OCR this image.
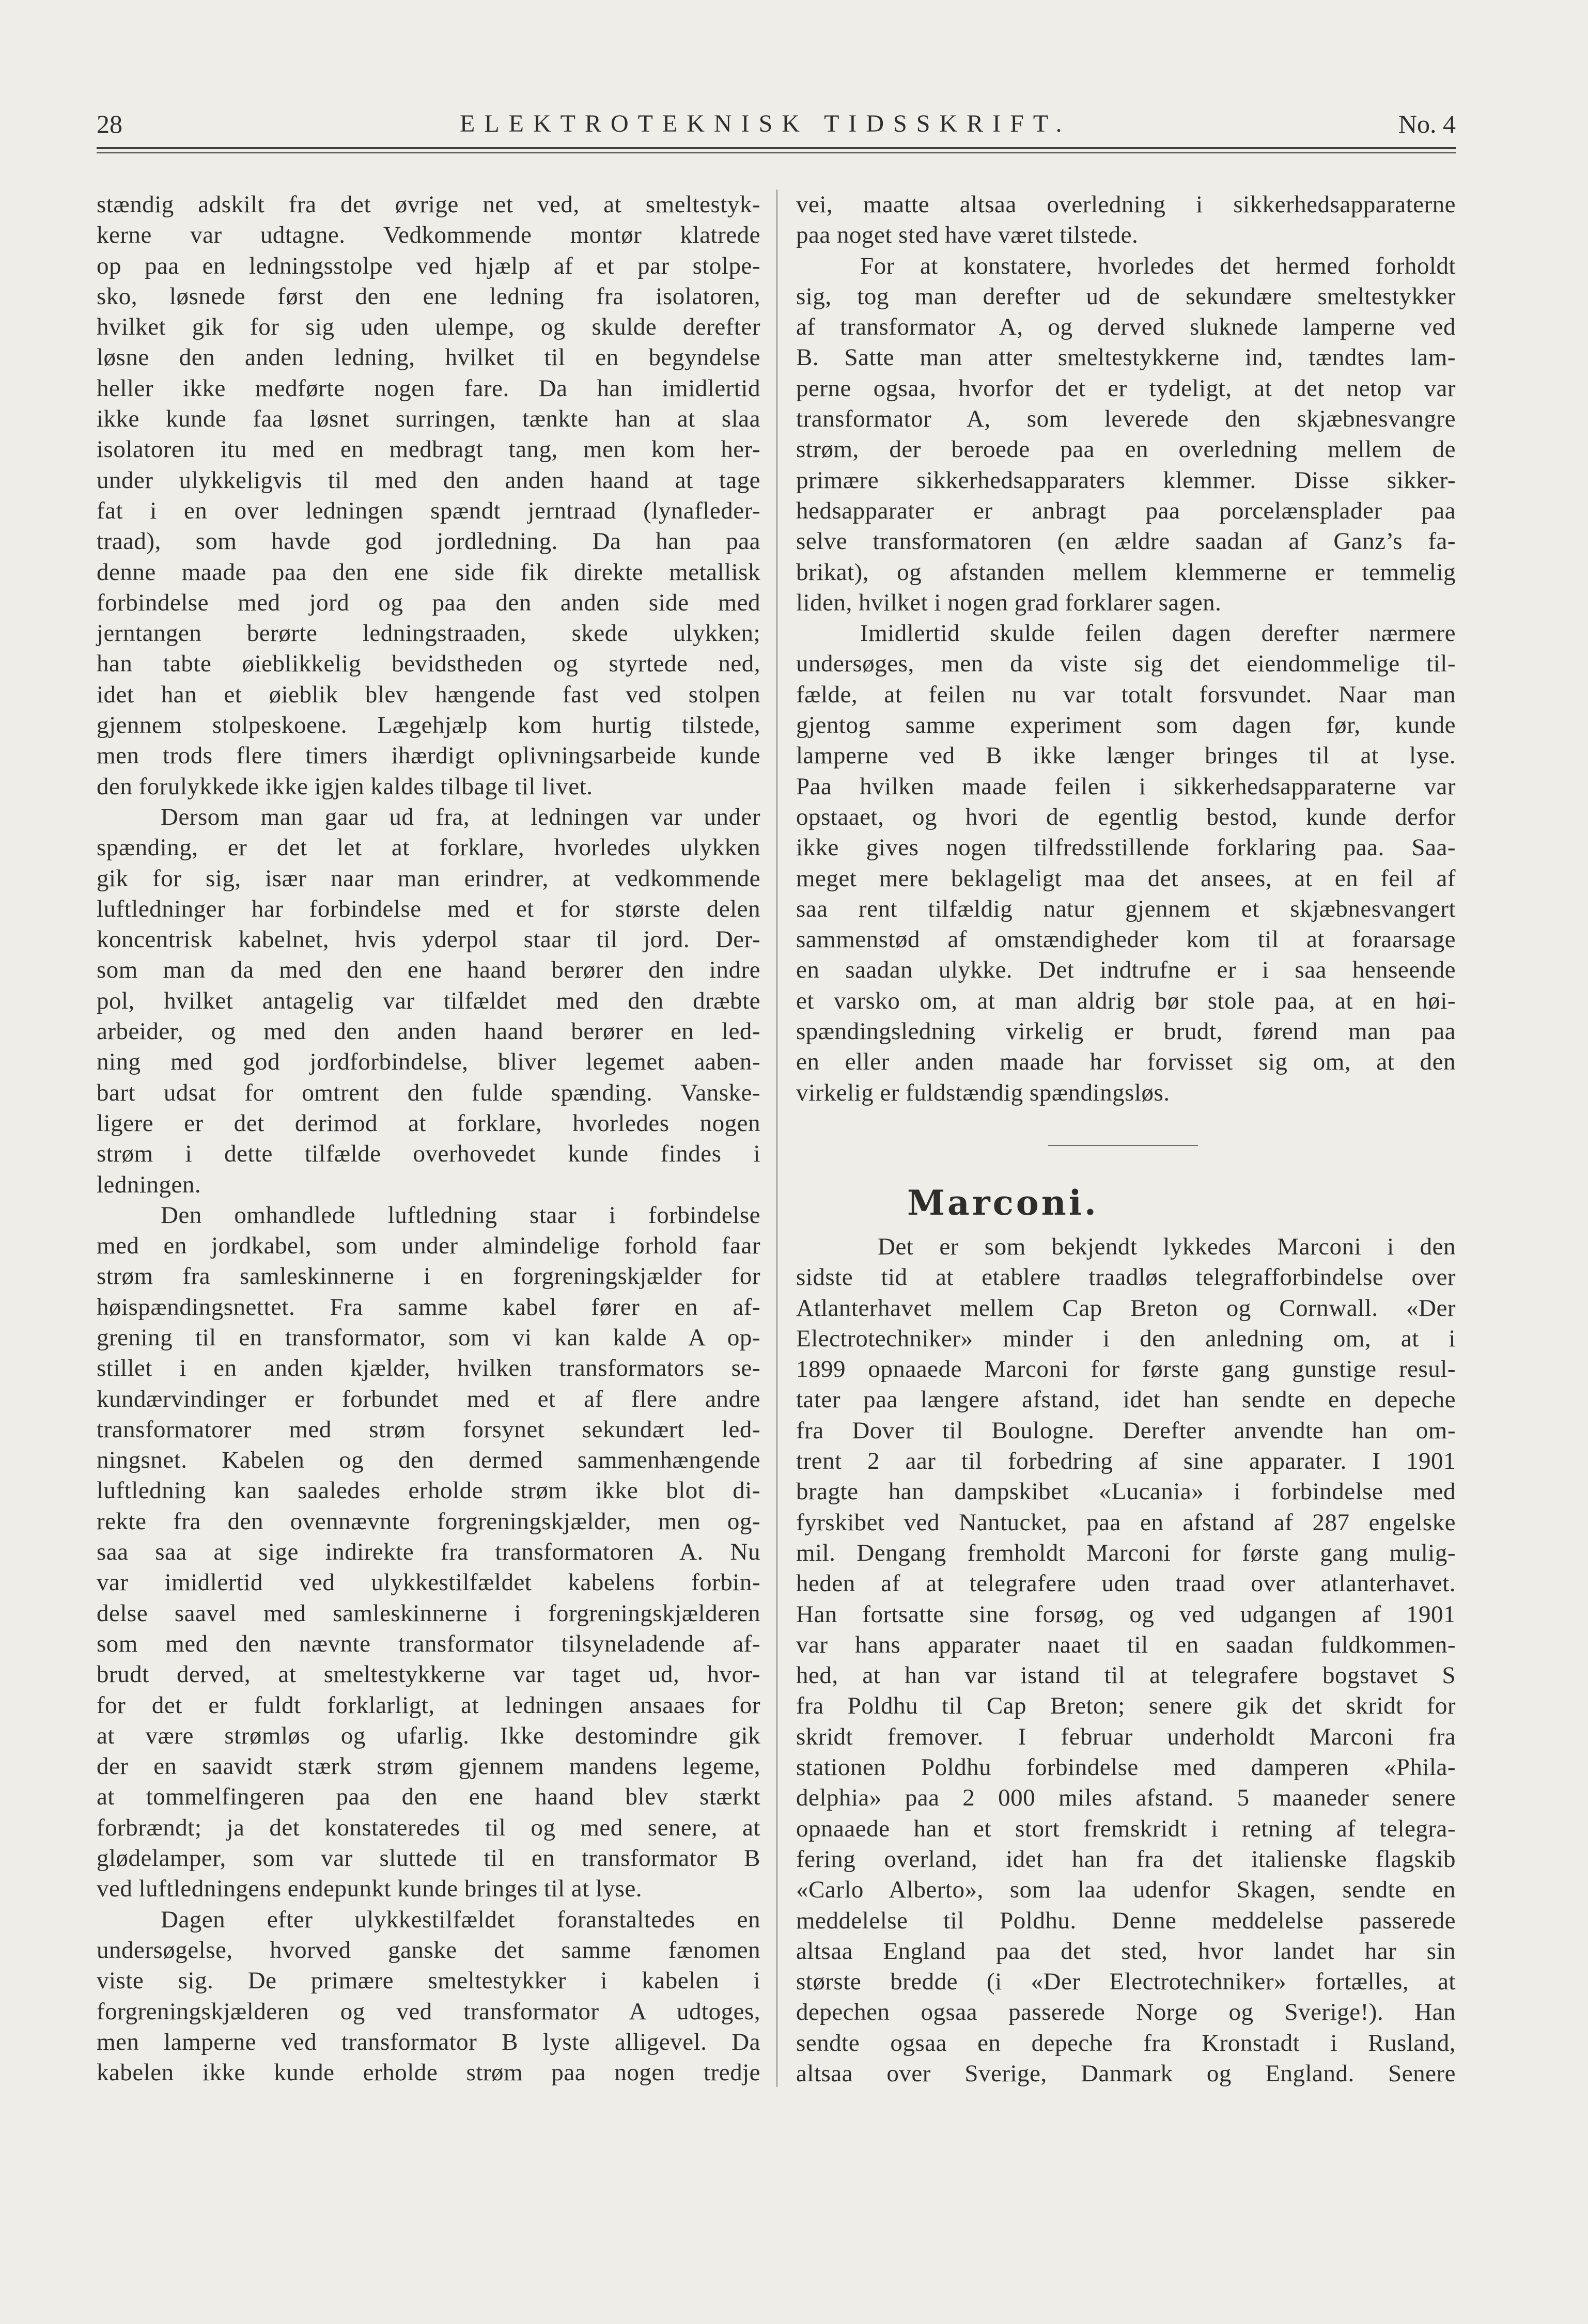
28	ELEKTROTEKNISK TIDSSKRIFT.	No. 4
stændig adskilt fra det øvrige net ved, at smeltestyk-
kerne var udtagne. Vedkommende montør klatrede
op paa en ledningsstolpe ved hjælp af et par stolpe-
sko, løsnede først den ene ledning fra isolatoren,
hvilket gik for sig uden ulempe, og skulde derefter
løsne den anden ledning, hvilket til en begyndelse
heller ikke medførte nogen fare. Da han imidlertid
ikke kunde faa løsnet surringen, tænkte han at slaa
isolatoren itu med en medbragt tang, men kom her-
under ulykkeligvis til med den anden haand at tage
fat i en over ledningen spændt jerntraad (lynafleder-
traad), som havde god jordledning. Da han paa
denne maade paa den ene side fik direkte metallisk
forbindelse med jord og paa den anden side med
jerntangen berørte ledningstraaden, skede ulykken;
han tabte øieblikkelig bevidstheden og styrtede ned,
idet han et øieblik blev hængende fast ved stolpen
gjennem stolpeskoene. Lægehjælp kom hurtig tilstede,
men trods flere timers ihærdigt oplivningsarbeide kunde
den forulykkede ikke igjen kaldes tilbage til livet.
Dersom man gaar ud fra, at ledningen var under
spænding, er det let at forklare, hvorledes ulykken
gik for sig, især naar man erindrer, at vedkommende
luftledninger har forbindelse med et for største delen
koncentrisk kabelnet, hvis yderpol staar til jord. Der-
som man da med den ene haand berører den indre
pol, hvilket antagelig var tilfældet med den dræbte
arbeider, og med den anden haand berører en led-
ning med god jordforbindelse, bliver legemet aaben-
bart udsat for omtrent den fulde spænding. Vanske-
ligere er det derimod at forklare, hvorledes nogen
strøm i dette tilfælde overhovedet kunde findes i
ledningen.
Den omhandlede luftledning staar i forbindelse
med en jordkabel, som under almindelige forhold faar
strøm fra samleskinnerne i en forgreningskjælder for
høispændingsnettet. Fra samme kabel fører en af-
grening til en transformator, som vi kan kalde A op-
stillet i en anden kjælder, hvilken transformators se-
kundærvindinger er forbundet med et af flere andre
transformatorer med strøm forsynet sekundært led-
ningsnet. Kabelen og den dermed sammenhængende
luftledning kan saaledes erholde strøm ikke blot di-
rekte fra den ovennævnte forgreningskjælder, men og-
saa saa at sige indirekte fra transformatoren A. Nu
var imidlertid ved ulykkestilfældet kabelens forbin-
delse saavel med samleskinnerne i forgreningskjælderen
som med den nævnte transformator tilsyneladende af-
brudt derved, at smeltestykkerne var taget ud, hvor-
for det er fuldt forklarligt, at ledningen ansaaes for
at være strømløs og ufarlig. Ikke destomindre gik
der en saavidt stærk strøm gjennem mandens legeme,
at tommelfingeren paa den ene haand blev stærkt
forbrændt; ja det konstateredes til og med senere, at
glødelamper, som var sluttede til en transformator B
ved luftledningens endepunkt kunde bringes til at lyse.
Dagen efter ulykkestilfældet foranstaltedes en
undersøgelse, hvorved ganske det samme fænomen
viste sig. De primære smeltestykker i kabelen i
forgreningskjælderen og ved transformator A udtoges,
men lamperne ved transformator B lyste alligevel. Da
kabelen ikke kunde erholde strøm paa nogen tredje
vei, maatte altsaa overledning i sikkerhedsapparaterne
paa noget sted have været tilstede.
For at konstatere, hvorledes det hermed forholdt
sig, tog man derefter ud de sekundære smeltestykker
af transformator A, og derved sluknede lamperne ved
B. Satte man atter smeltestykkerne ind, tændtes lam-
perne ogsaa, hvorfor det er tydeligt, at det netop var
transformator A, som leverede den skjæbnesvangre
strøm, der beroede paa en overledning mellem de
primære sikkerhedsapparaters klemmer. Disse sikker-
hedsapparater er anbragt paa porcelænsplader paa
selve transformatoren (en ældre saadan af Ganz’s fa-
brikat), og afstanden mellem klemmerne er temmelig
liden, hvilket i nogen grad forklarer sagen.
Imidlertid skulde feilen dagen derefter nærmere
undersøges, men da viste sig det eiendommelige til-
fælde, at feilen nu var totalt forsvundet. Naar man
gjentog samme experiment som dagen før, kunde
lamperne ved B ikke længer bringes til at lyse.
Paa hvilken maade feilen i sikkerhedsapparaterne var
opstaaet, og hvori de egentlig bestod, kunde derfor
ikke gives nogen tilfredsstillende forklaring paa. Saa-
meget mere beklageligt maa det ansees, at en feil af
saa rent tilfældig natur gjennem et skjæbnesvangert
sammenstød af omstændigheder kom til at foraarsage
en saadan ulykke. Det indtrufne er i saa henseende
et varsko om, at man aldrig bør stole paa, at en høi-
spændingsledning virkelig er brudt, førend man paa
en eller anden maade har forvisset sig om, at den
virkelig er fuldstændig spændingsløs.
Marconi.
Det er som bekjendt lykkedes Marconi i den
sidste tid at etablere traadløs telegrafforbindelse over
Atlanterhavet mellem Cap Breton og Cornwall. «Der
Electrotechniker» minder i den anledning om, at i
1899 opnaaede Marconi for første gang gunstige resul-
tater paa længere afstand, idet han sendte en depeche
fra Dover til Boulogne. Derefter anvendte han om-
trent 2 aar til forbedring af sine apparater. I 1901
bragte han dampskibet «Lucania» i forbindelse med
fyrskibet ved Nantucket, paa en afstand af 287 engelske
mil. Dengang fremholdt Marconi for første gang mulig-
heden af at telegrafere uden traad over atlanterhavet.
Han fortsatte sine forsøg, og ved udgangen af 1901
var hans apparater naaet til en saadan fuldkommen-
hed, at han var istand til at telegrafere bogstavet S
fra Poldhu til Cap Breton; senere gik det skridt for
skridt fremover. I februar underholdt Marconi fra
stationen Poldhu forbindelse med damperen «Phila-
delphia» paa 2 000 miles afstand. 5 maaneder senere
opnaaede han et stort fremskridt i retning af telegra-
fering overland, idet han fra det italienske flagskib
«Carlo Alberto», som laa udenfor Skagen, sendte en
meddelelse til Poldhu. Denne meddelelse passerede
altsaa England paa det sted, hvor landet har sin
største bredde (i «Der Electrotechniker» fortælles, at
depechen ogsaa passerede Norge og Sverige!). Han
sendte ogsaa en depeche fra Kronstadt i Rusland,
altsaa over Sverige, Danmark og England. Senere
